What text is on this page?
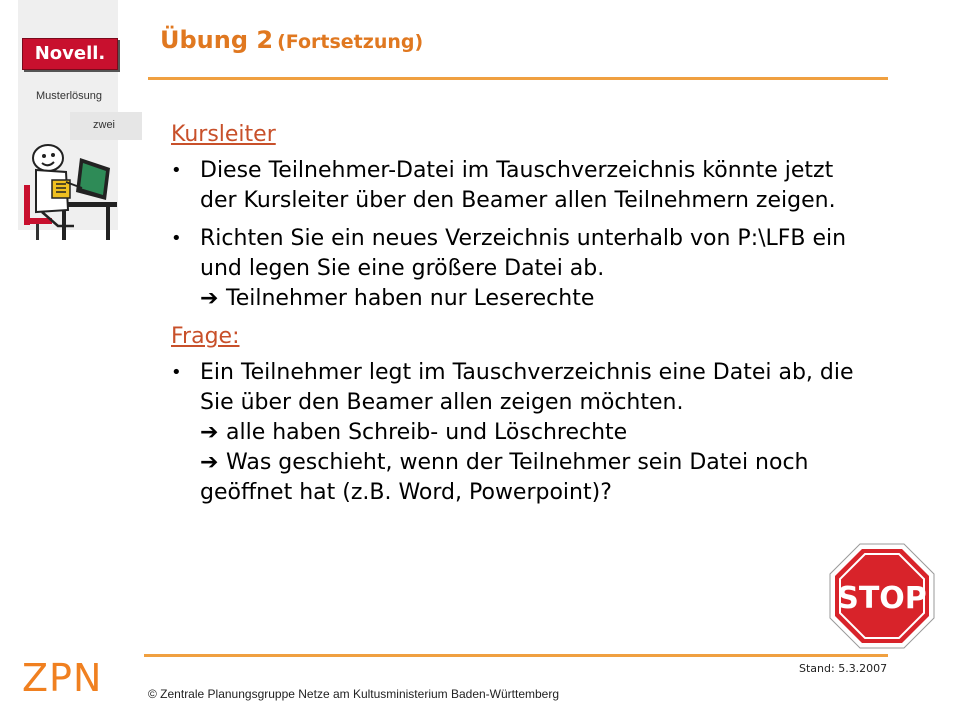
Novell.
Musterlösung
zwei
Übung 2 (Fortsetzung)
Kursleiter
• Diese Teilnehmer-Datei im Tauschverzeichnis könnte jetzt
der Kursleiter über den Beamer allen Teilnehmern zeigen.
• Richten Sie ein neues Verzeichnis unterhalb von P:\LFB ein
und legen Sie eine größere Datei ab.
➔ Teilnehmer haben nur Leserechte
Frage:
• Ein Teilnehmer legt im Tauschverzeichnis eine Datei ab, die
Sie über den Beamer allen zeigen möchten.
➔ alle haben Schreib- und Löschrechte
➔ Was geschieht, wenn der Teilnehmer sein Datei noch
geöffnet hat (z.B. Word, Powerpoint)?
STOP
Stand: 5.3.2007
ZPN	© Zentrale Planungsgruppe Netze am Kultusministerium Baden-Württemberg
